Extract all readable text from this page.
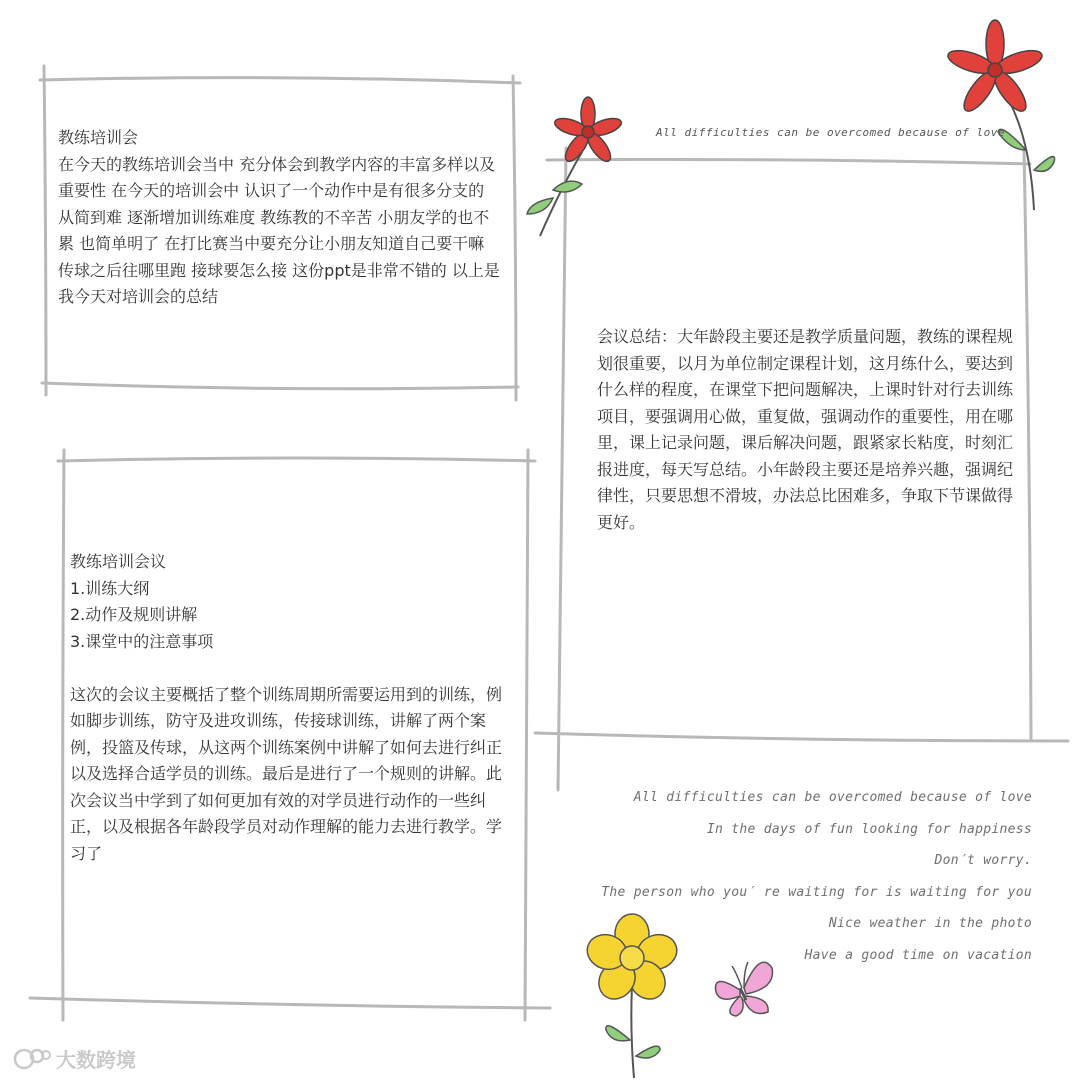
教练培训会
在今天的教练培训会当中 充分体会到教学内容的丰富多样以及重要性 在今天的培训会中 认识了一个动作中是有很多分支的 从简到难 逐渐增加训练难度 教练教的不辛苦 小朋友学的也不累 也简单明了 在打比赛当中要充分让小朋友知道自己要干嘛 传球之后往哪里跑 接球要怎么接 这份ppt是非常不错的 以上是我今天对培训会的总结
会议总结：大年龄段主要还是教学质量问题，教练的课程规划很重要，以月为单位制定课程计划，这月练什么，要达到什么样的程度，在课堂下把问题解决，上课时针对行去训练项目，要强调用心做，重复做，强调动作的重要性，用在哪里，课上记录问题，课后解决问题，跟紧家长粘度，时刻汇报进度，每天写总结。小年龄段主要还是培养兴趣，强调纪律性，只要思想不滑坡，办法总比困难多，争取下节课做得更好。
教练培训会议
1.训练大纲
2.动作及规则讲解
3.课堂中的注意事项

这次的会议主要概括了整个训练周期所需要运用到的训练，例如脚步训练，防守及进攻训练，传接球训练，讲解了两个案例，投篮及传球，从这两个训练案例中讲解了如何去进行纠正以及选择合适学员的训练。最后是进行了一个规则的讲解。此次会议当中学到了如何更加有效的对学员进行动作的一些纠正，以及根据各年龄段学员对动作理解的能力去进行教学。学习了
All difficulties can be overcomed because of love
All difficulties can be overcomed because of love
In the days of fun looking for happiness
Don′t worry.
The person who you′ re waiting for is waiting for you
Nice weather in the photo
Have a good time on vacation
大数跨境
